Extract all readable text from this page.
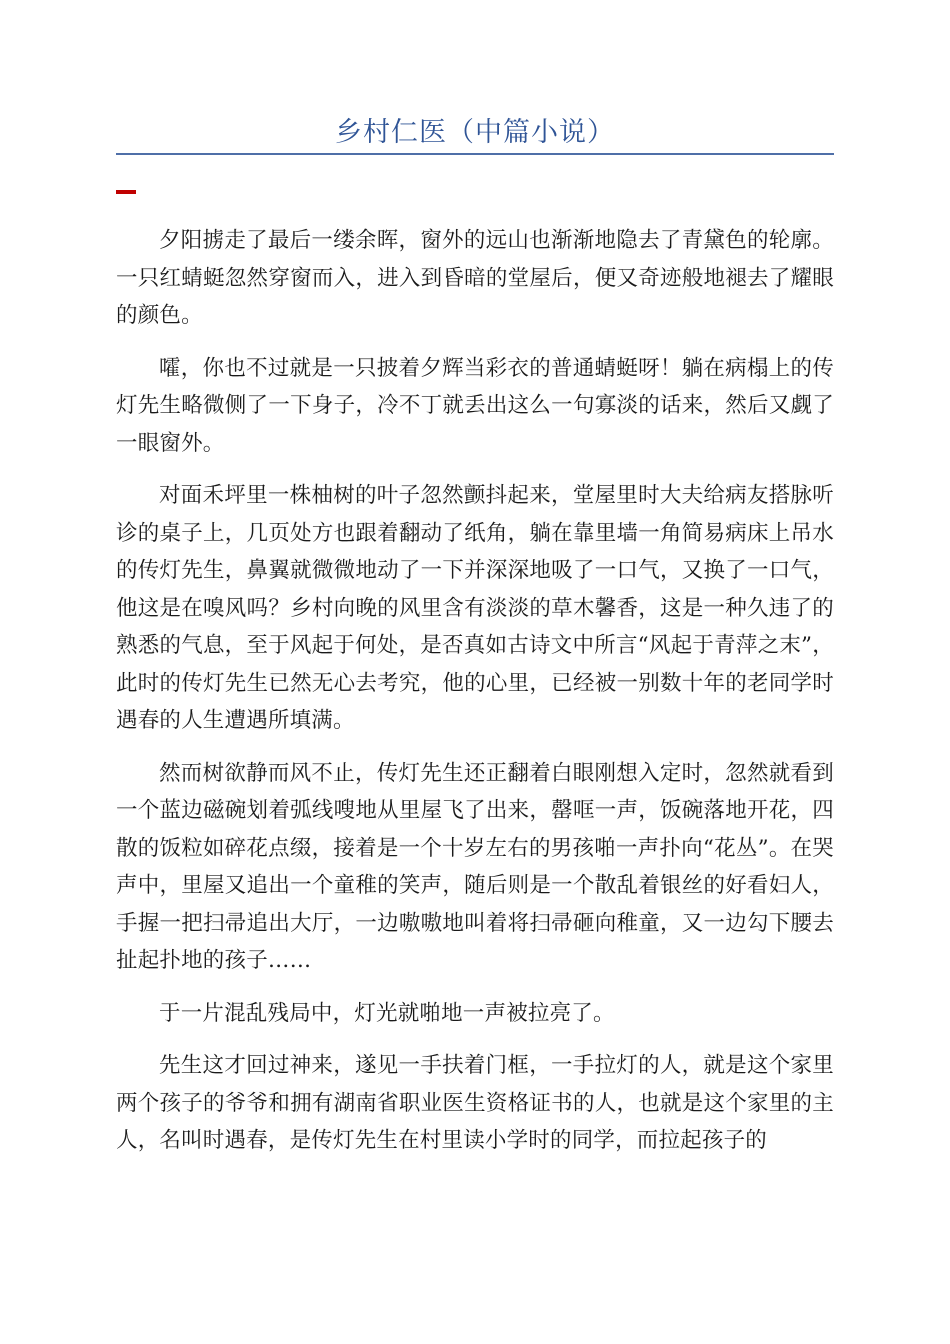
乡村仁医（中篇小说）

夕阳掳走了最后一缕余晖，窗外的远山也渐渐地隐去了青黛色的轮廓。一只红蜻蜓忽然穿窗而入，进入到昏暗的堂屋后，便又奇迹般地褪去了耀眼的颜色。

嚯，你也不过就是一只披着夕辉当彩衣的普通蜻蜓呀！躺在病榻上的传灯先生略微侧了一下身子，冷不丁就丢出这么一句寡淡的话来，然后又觑了一眼窗外。

对面禾坪里一株柚树的叶子忽然颤抖起来，堂屋里时大夫给病友搭脉听诊的桌子上，几页处方也跟着翻动了纸角，躺在靠里墙一角简易病床上吊水的传灯先生，鼻翼就微微地动了一下并深深地吸了一口气，又换了一口气，他这是在嗅风吗？乡村向晚的风里含有淡淡的草木馨香，这是一种久违了的熟悉的气息，至于风起于何处，是否真如古诗文中所言“风起于青萍之末”，此时的传灯先生已然无心去考究，他的心里，已经被一别数十年的老同学时遇春的人生遭遇所填满。

然而树欲静而风不止，传灯先生还正翻着白眼刚想入定时，忽然就看到一个蓝边磁碗划着弧线嗖地从里屋飞了出来，罄哐一声，饭碗落地开花，四散的饭粒如碎花点缀，接着是一个十岁左右的男孩啪一声扑向“花丛”。在哭声中，里屋又追出一个童稚的笑声，随后则是一个散乱着银丝的好看妇人，手握一把扫帚追出大厅，一边嗷嗷地叫着将扫帚砸向稚童，又一边勾下腰去扯起扑地的孩子……

于一片混乱残局中，灯光就啪地一声被拉亮了。

先生这才回过神来，遂见一手扶着门框，一手拉灯的人，就是这个家里两个孩子的爷爷和拥有湖南省职业医生资格证书的人，也就是这个家里的主人，名叫时遇春，是传灯先生在村里读小学时的同学，而拉起孩子的
